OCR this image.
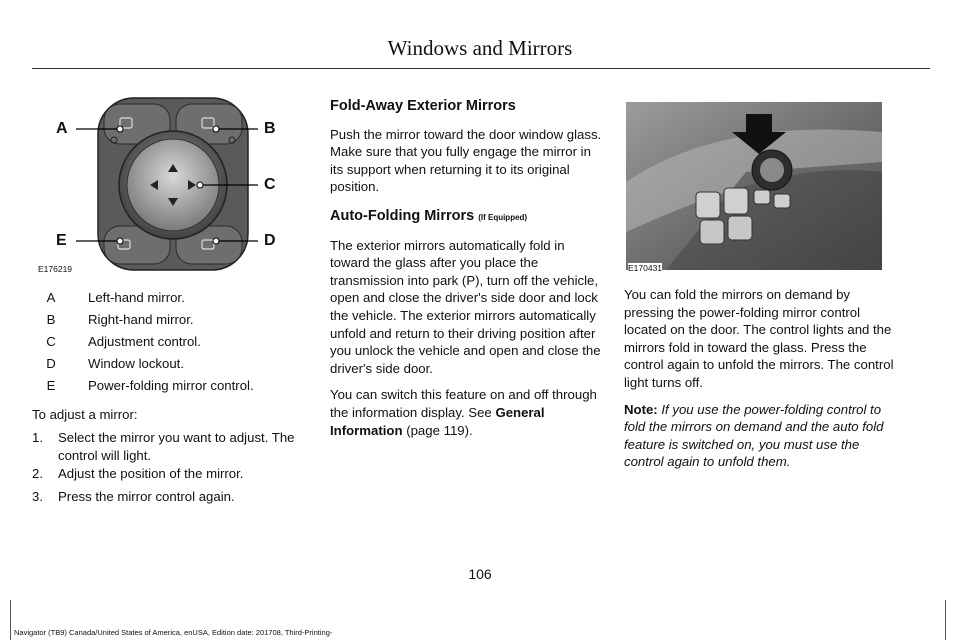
Windows and Mirrors
A	B
C
D
E
E176219
A Left-hand mirror.
B Right-hand mirror.
C Adjustment control.
D Window lockout.
E Power-folding mirror control.
To adjust a mirror:
1. Select the mirror you want to adjust. The control will light.
2. Adjust the position of the mirror.
3. Press the mirror control again.
Fold-Away Exterior Mirrors

Push the mirror toward the door window glass. Make sure that you fully engage the mirror in its support when returning it to its original position.

Auto-Folding Mirrors (If Equipped)

The exterior mirrors automatically fold in toward the glass after you place the transmission into park (P), turn off the vehicle, open and close the driver's side door and lock the vehicle. The exterior mirrors automatically unfold and return to their driving position after you unlock the vehicle and open and close the driver's side door.

You can switch this feature on and off through the information display. See General Information (page 119).

E170431

You can fold the mirrors on demand by pressing the power-folding mirror control located on the door. The control lights and the mirrors fold in toward the glass. Press the control again to unfold the mirrors. The control light turns off.

Note: If you use the power-folding control to fold the mirrors on demand and the auto fold feature is switched on, you must use the control again to unfold them.

106
Navigator (TB9) Canada/United States of America, enUSA, Edition date: 201708, Third-Printing-
